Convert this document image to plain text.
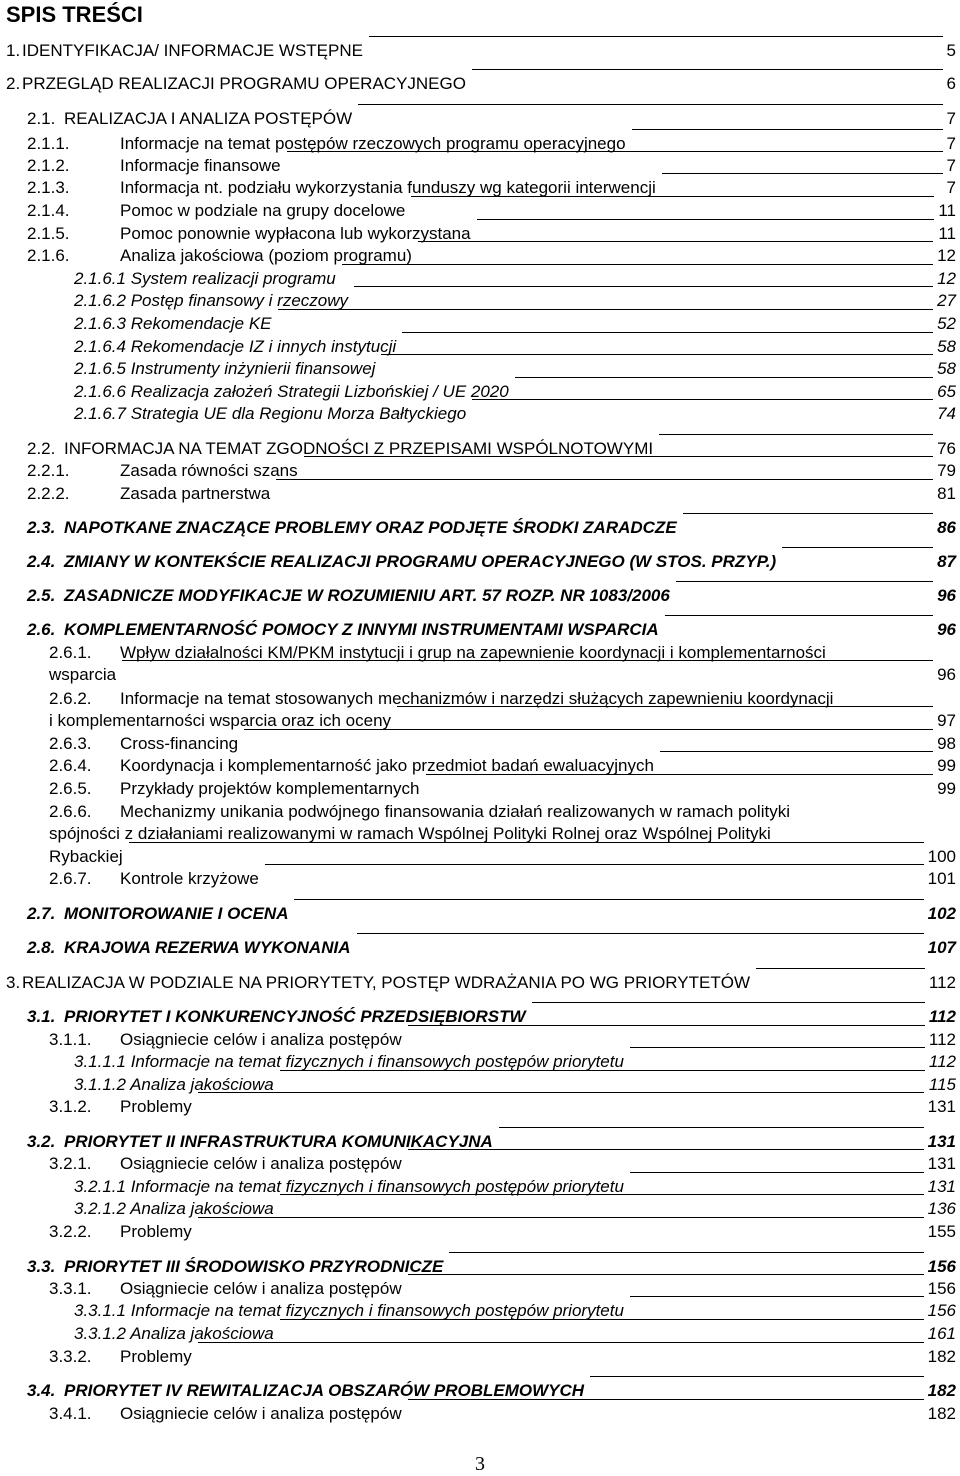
SPIS TREŚCI
1. IDENTYFIKACJA/ INFORMACJE WSTĘPNE	5
2. PRZEGLĄD REALIZACJI PROGRAMU OPERACYJNEGO	6
2.1. REALIZACJA I ANALIZA POSTĘPÓW	7
2.1.1.	Informacje na temat postępów rzeczowych programu operacyjnego	7
2.1.2.	Informacje finansowe	7
2.1.3.	Informacja nt. podziału wykorzystania funduszy wg kategorii interwencji	7
2.1.4.	Pomoc w podziale na grupy docelowe	11
2.1.5.	Pomoc ponownie wypłacona lub wykorzystana	11
2.1.6.	Analiza jakościowa (poziom programu)	12
2.1.6.1 System realizacji programu	12
2.1.6.2 Postęp finansowy i rzeczowy	27
2.1.6.3 Rekomendacje KE	52
2.1.6.4 Rekomendacje IZ i innych instytucji	58
2.1.6.5 Instrumenty inżynierii finansowej	58
2.1.6.6 Realizacja założeń Strategii Lizbońskiej / UE 2020	65
2.1.6.7 Strategia UE dla Regionu Morza Bałtyckiego	74
2.2. INFORMACJA NA TEMAT ZGODNOŚCI Z PRZEPISAMI WSPÓLNOTOWYMI	76
2.2.1.	Zasada równości szans	79
2.2.2.	Zasada partnerstwa	81
2.3. NAPOTKANE ZNACZĄCE PROBLEMY ORAZ PODJĘTE ŚRODKI ZARADCZE	86
2.4. ZMIANY W KONTEKŚCIE REALIZACJI PROGRAMU OPERACYJNEGO (W STOS. PRZYP.)	87
2.5. ZASADNICZE MODYFIKACJE W ROZUMIENIU ART. 57 ROZP. NR 1083/2006	96
2.6. KOMPLEMENTARNOŚĆ POMOCY Z INNYMI INSTRUMENTAMI WSPARCIA	96
2.6.1. Wpływ działalności KM/PKM instytucji i grup na zapewnienie koordynacji i komplementarności
wsparcia	96
2.6.2. Informacje na temat stosowanych mechanizmów i narzędzi służących zapewnieniu koordynacji
i komplementarności wsparcia oraz ich oceny	97
2.6.3. Cross-financing	98
2.6.4. Koordynacja i komplementarność jako przedmiot badań ewaluacyjnych	99
2.6.5. Przykłady projektów komplementarnych	99
2.6.6. Mechanizmy unikania podwójnego finansowania działań realizowanych w ramach polityki
spójności z działaniami realizowanymi w ramach Wspólnej Polityki Rolnej oraz Wspólnej Polityki
Rybackiej	100
2.6.7. Kontrole krzyżowe	101
2.7. MONITOROWANIE I OCENA	102
2.8. KRAJOWA REZERWA WYKONANIA	107
3. REALIZACJA W PODZIALE NA PRIORYTETY, POSTĘP WDRAŻANIA PO WG PRIORYTETÓW	112
3.1. PRIORYTET I KONKURENCYJNOŚĆ PRZEDSIĘBIORSTW	112
3.1.1. Osiągniecie celów i analiza postępów	112
3.1.1.1 Informacje na temat fizycznych i finansowych postępów priorytetu	112
3.1.1.2 Analiza jakościowa	115
3.1.2. Problemy	131
3.2. PRIORYTET II INFRASTRUKTURA KOMUNIKACYJNA	131
3.2.1. Osiągniecie celów i analiza postępów	131
3.2.1.1 Informacje na temat fizycznych i finansowych postępów priorytetu	131
3.2.1.2 Analiza jakościowa	136
3.2.2. Problemy	155
3.3. PRIORYTET III ŚRODOWISKO PRZYRODNICZE	156
3.3.1. Osiągniecie celów i analiza postępów	156
3.3.1.1 Informacje na temat fizycznych i finansowych postępów priorytetu	156
3.3.1.2 Analiza jakościowa	161
3.3.2. Problemy	182
3.4. PRIORYTET IV REWITALIZACJA OBSZARÓW PROBLEMOWYCH	182
3.4.1. Osiągniecie celów i analiza postępów	182
3
